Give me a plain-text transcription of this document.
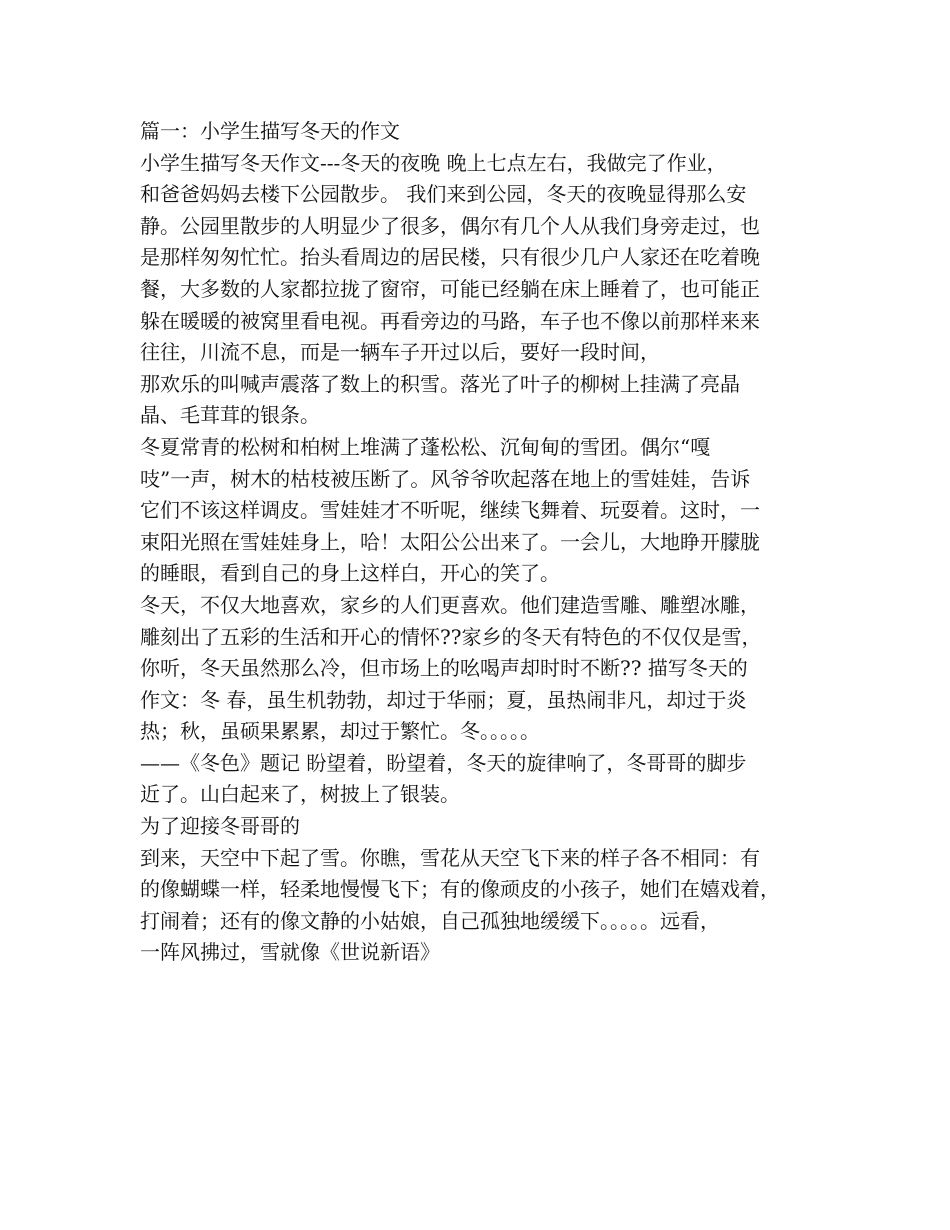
篇一：小学生描写冬天的作文
小学生描写冬天作文---冬天的夜晚 晚上七点左右，我做完了作业，
和爸爸妈妈去楼下公园散步。 我们来到公园，冬天的夜晚显得那么安
静。公园里散步的人明显少了很多，偶尔有几个人从我们身旁走过，也
是那样匆匆忙忙。抬头看周边的居民楼，只有很少几户人家还在吃着晚
餐，大多数的人家都拉拢了窗帘，可能已经躺在床上睡着了，也可能正
躲在暖暖的被窝里看电视。再看旁边的马路，车子也不像以前那样来来
往往，川流不息，而是一辆车子开过以后，要好一段时间，
那欢乐的叫喊声震落了数上的积雪。落光了叶子的柳树上挂满了亮晶
晶、毛茸茸的银条。
冬夏常青的松树和柏树上堆满了蓬松松、沉甸甸的雪团。偶尔“嘎
吱”一声，树木的枯枝被压断了。风爷爷吹起落在地上的雪娃娃，告诉
它们不该这样调皮。雪娃娃才不听呢，继续飞舞着、玩耍着。这时，一
束阳光照在雪娃娃身上，哈！太阳公公出来了。一会儿，大地睁开朦胧
的睡眼，看到自己的身上这样白，开心的笑了。
冬天，不仅大地喜欢，家乡的人们更喜欢。他们建造雪雕、雕塑冰雕，
雕刻出了五彩的生活和开心的情怀??家乡的冬天有特色的不仅仅是雪，
你听，冬天虽然那么冷，但市场上的吆喝声却时时不断?? 描写冬天的
作文：冬 春，虽生机勃勃，却过于华丽；夏，虽热闹非凡，却过于炎
热；秋，虽硕果累累，却过于繁忙。冬。。。。。
——《冬色》题记 盼望着，盼望着，冬天的旋律响了，冬哥哥的脚步
近了。山白起来了，树披上了银装。
为了迎接冬哥哥的
到来，天空中下起了雪。你瞧，雪花从天空飞下来的样子各不相同：有
的像蝴蝶一样，轻柔地慢慢飞下；有的像顽皮的小孩子，她们在嬉戏着，
打闹着；还有的像文静的小姑娘，自己孤独地缓缓下。。。。。远看，
一阵风拂过，雪就像《世说新语》
